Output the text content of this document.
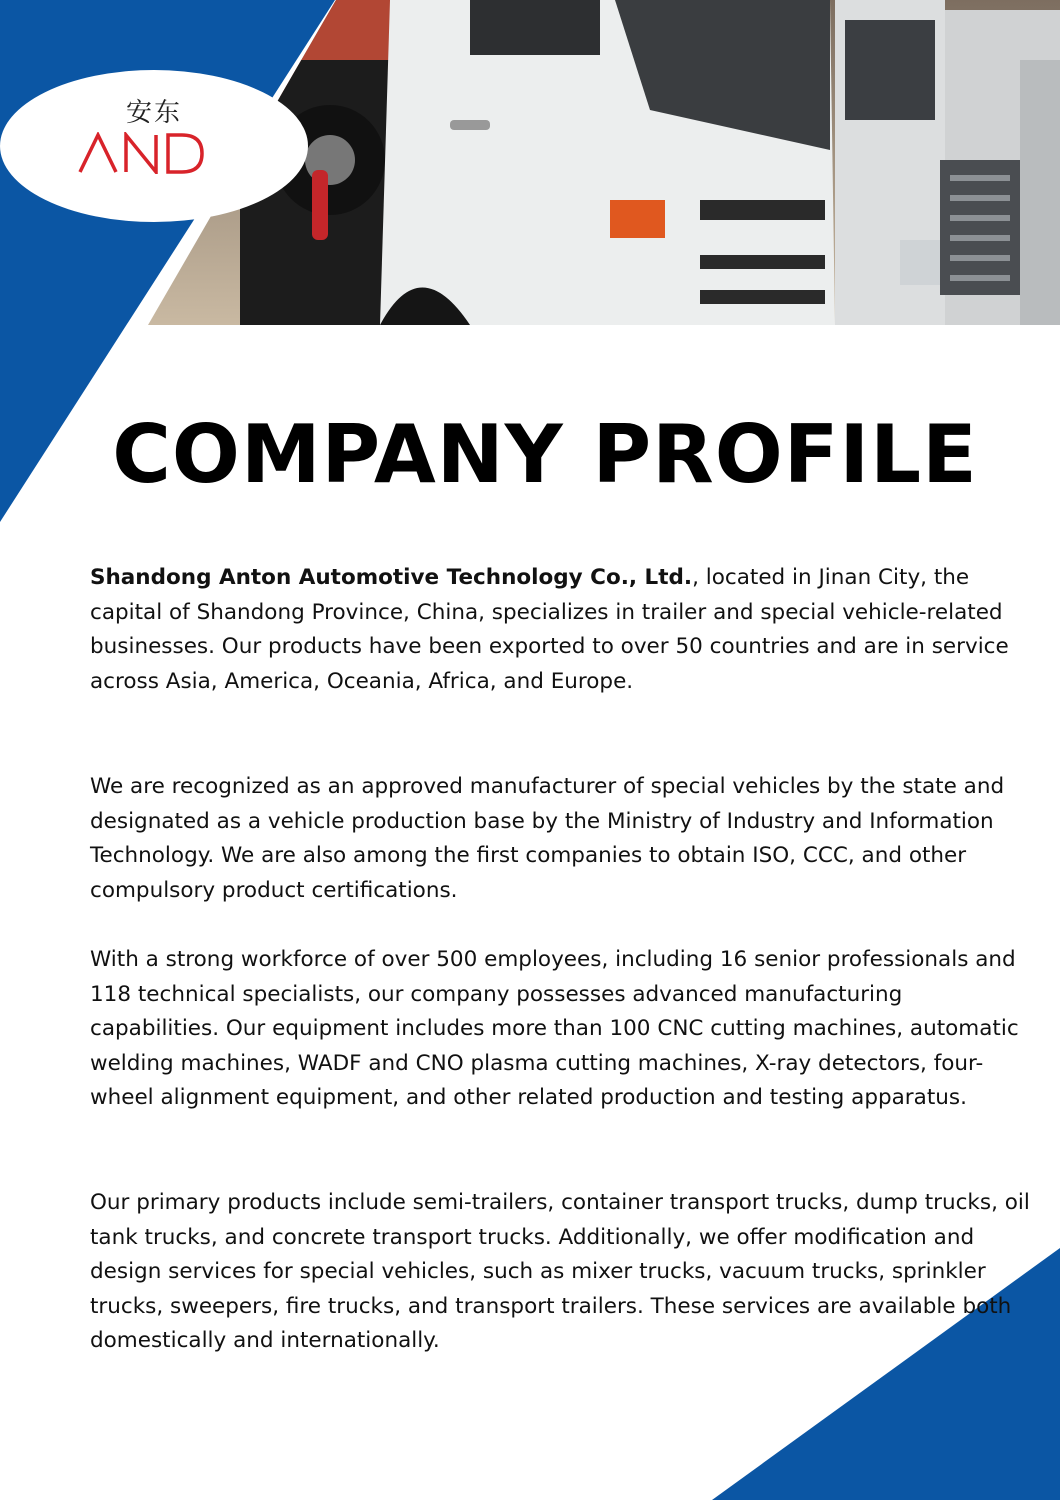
安东
COMPANY PROFILE

Shandong Anton Automotive Technology Co., Ltd., located in Jinan City, the capital of Shandong Province, China, specializes in trailer and special vehicle-related businesses. Our products have been exported to over 50 countries and are in service across Asia, America, Oceania, Africa, and Europe.

We are recognized as an approved manufacturer of special vehicles by the state and designated as a vehicle production base by the Ministry of Industry and Information Technology. We are also among the first companies to obtain ISO, CCC, and other compulsory product certifications.

With a strong workforce of over 500 employees, including 16 senior professionals and 118 technical specialists, our company possesses advanced manufacturing capabilities. Our equipment includes more than 100 CNC cutting machines, automatic welding machines, WADF and CNO plasma cutting machines, X-ray detectors, four-wheel alignment equipment, and other related production and testing apparatus.

Our primary products include semi-trailers, container transport trucks, dump trucks, oil tank trucks, and concrete transport trucks. Additionally, we offer modification and design services for special vehicles, such as mixer trucks, vacuum trucks, sprinkler trucks, sweepers, fire trucks, and transport trailers. These services are available both domestically and internationally.
